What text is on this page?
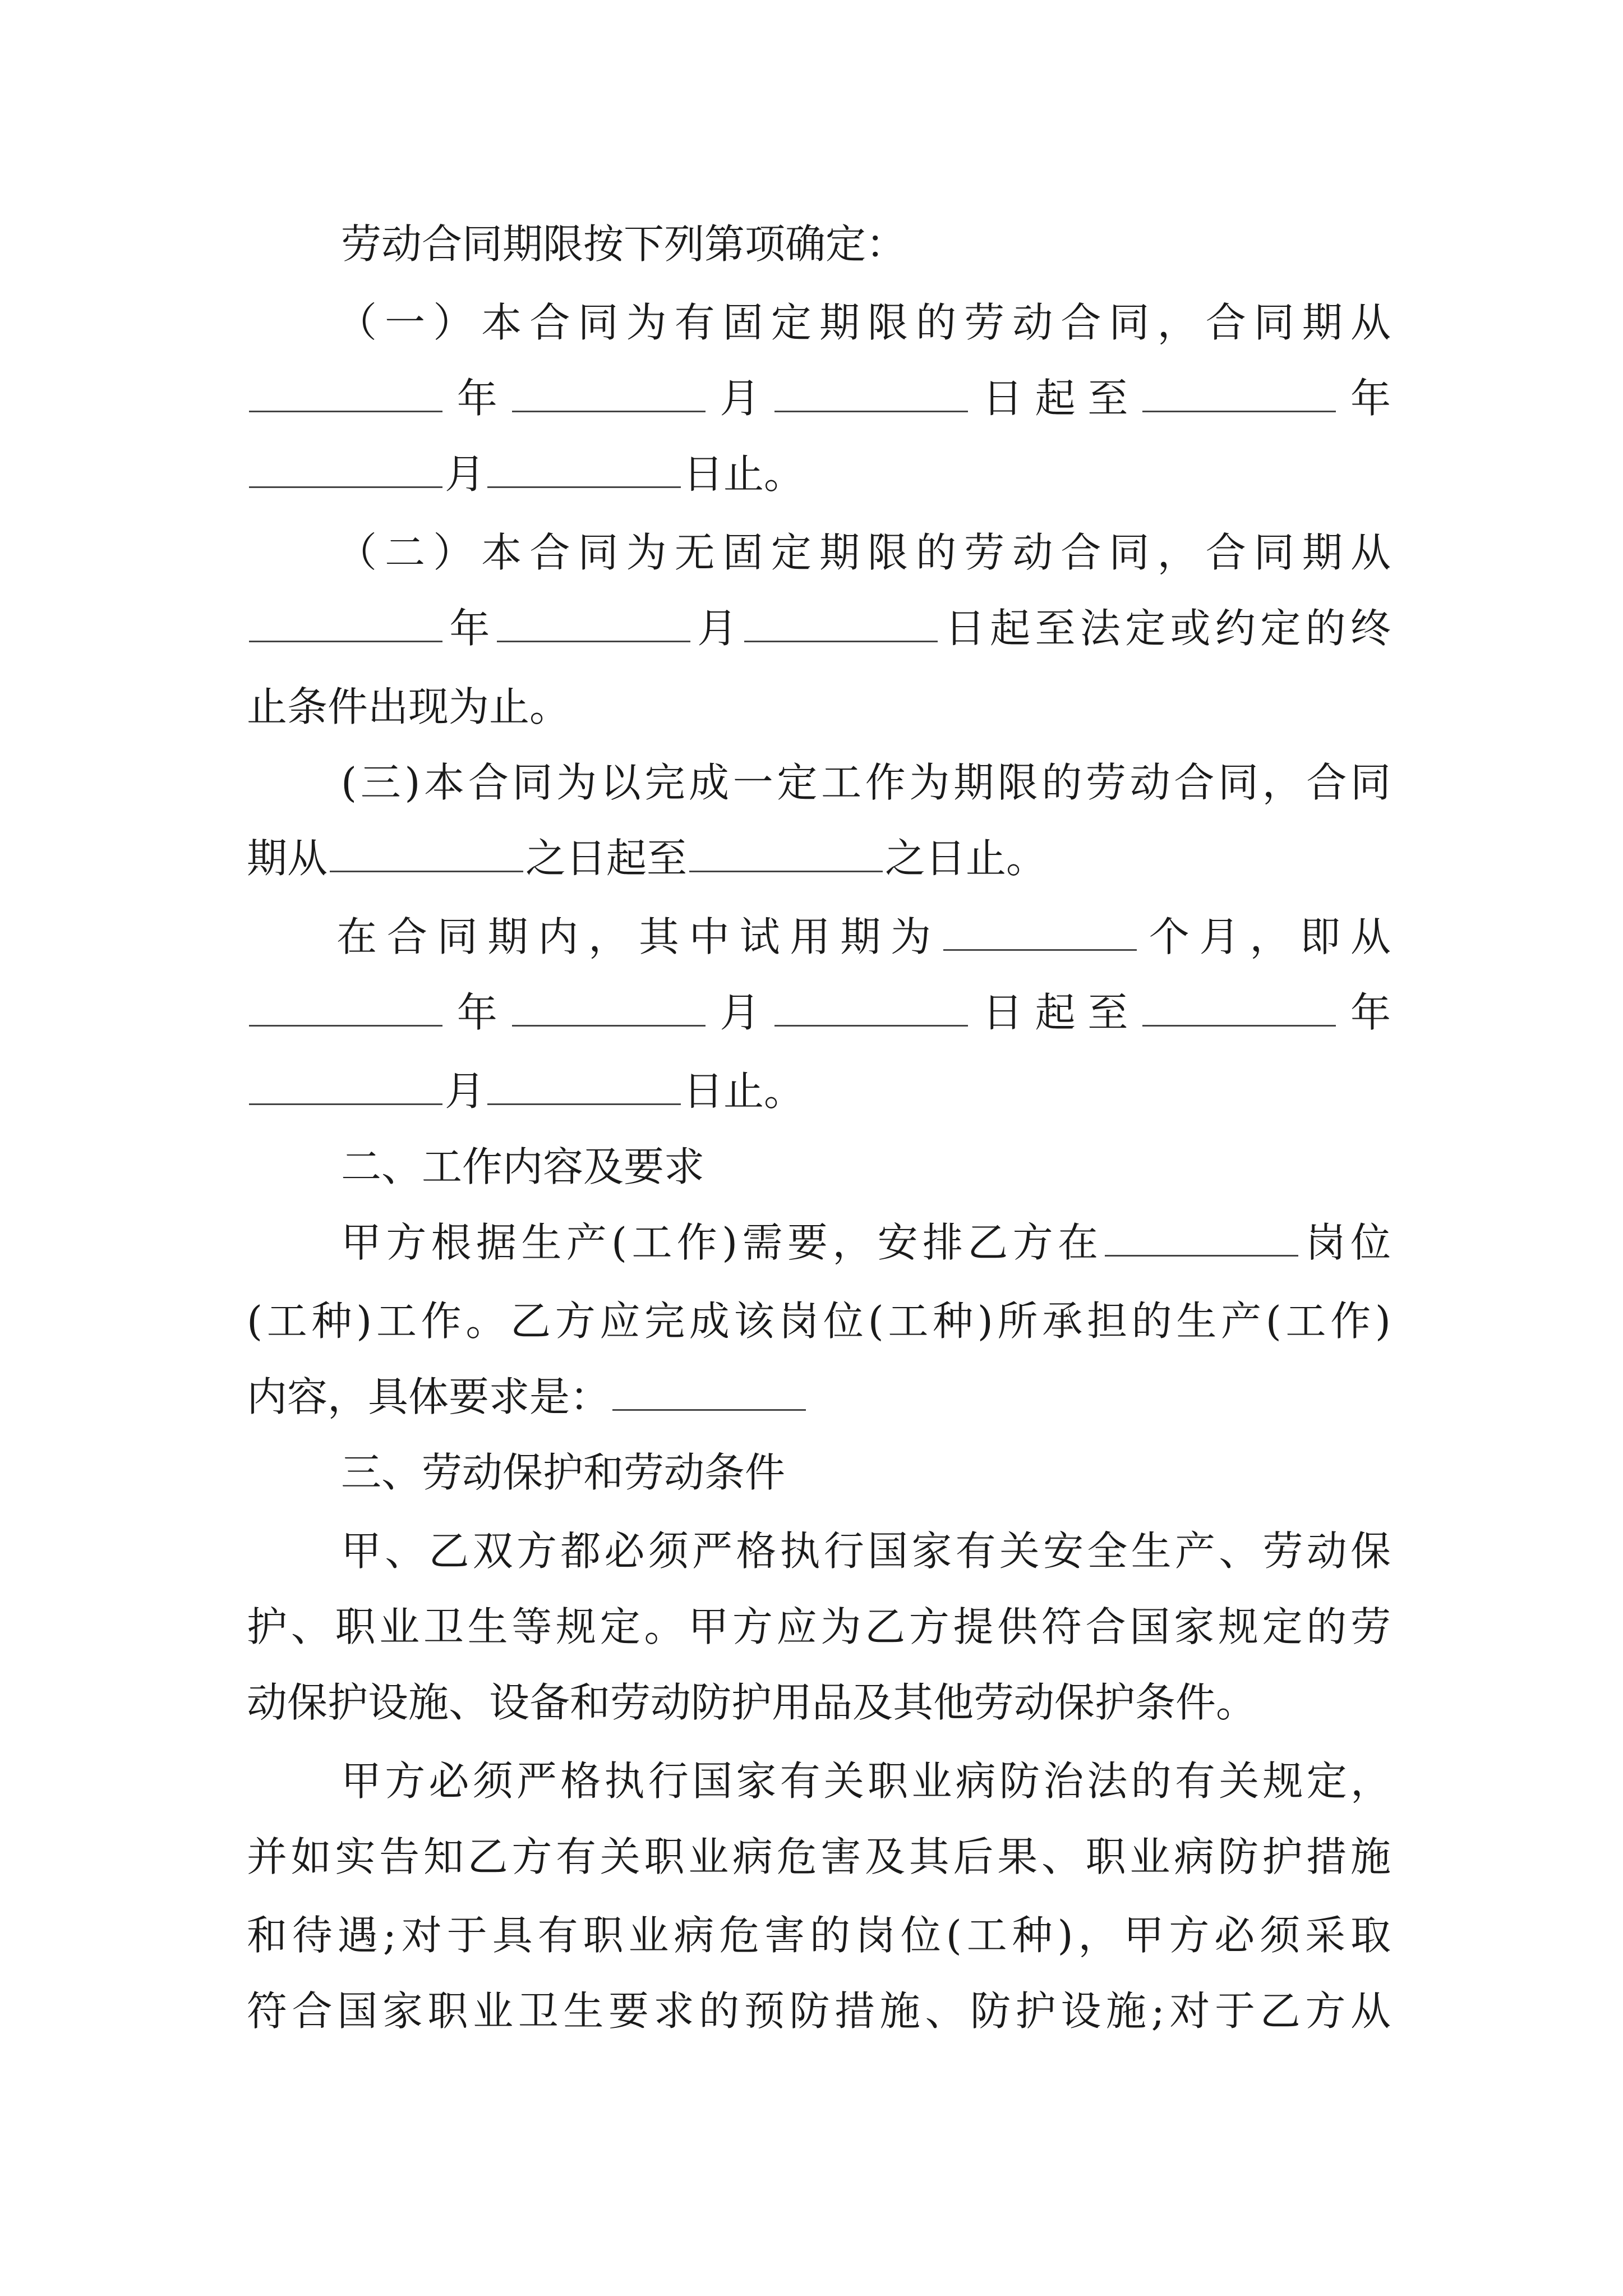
劳动合同期限按下列第项确定：
（一）本合同为有固定期限的劳动合同，合同期从
年	月	日起至	年
月	日止。
（二）本合同为无固定期限的劳动合同，合同期从
年	月	日起至法定或约定的终
止条件出现为止。
(三)本合同为以完成一定工作为期限的劳动合同，合同
期从	之日起至	之日止。
在合同期内，其中试用期为	个月，即从
年	月	日起至	年
月	日止。
二、工作内容及要求
甲方根据生产(工作)需要，安排乙方在	岗位
(工种)工作。乙方应完成该岗位(工种)所承担的生产(工作)
内容，具体要求是：
三、劳动保护和劳动条件
甲、乙双方都必须严格执行国家有关安全生产、劳动保
护、职业卫生等规定。甲方应为乙方提供符合国家规定的劳
动保护设施、设备和劳动防护用品及其他劳动保护条件。
甲方必须严格执行国家有关职业病防治法的有关规定，
并如实告知乙方有关职业病危害及其后果、职业病防护措施
和待遇;对于具有职业病危害的岗位(工种)，甲方必须采取
符合国家职业卫生要求的预防措施、防护设施;对于乙方从
